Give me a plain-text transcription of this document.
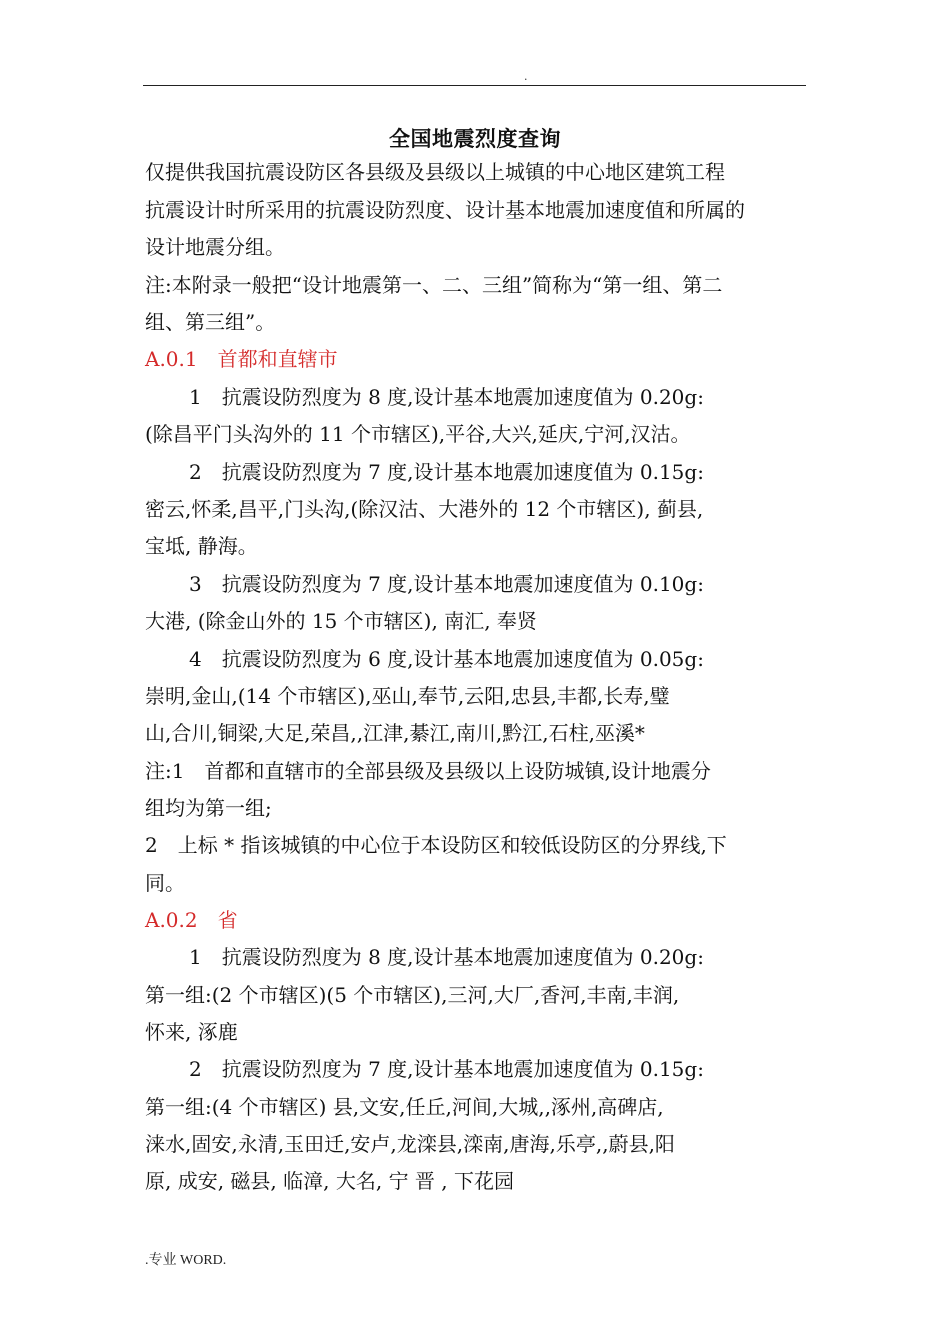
.
全国地震烈度查询
仅提供我国抗震设防区各县级及县级以上城镇的中心地区建筑工程
抗震设计时所采用的抗震设防烈度、设计基本地震加速度值和所属的
设计地震分组。
注:本附录一般把“设计地震第一、二、三组”简称为“第一组、第二
组、第三组”。
A.0.1　首都和直辖市
1　抗震设防烈度为 8 度,设计基本地震加速度值为 0.20g:
(除昌平门头沟外的 11 个市辖区),平谷,大兴,延庆,宁河,汉沽。
2　抗震设防烈度为 7 度,设计基本地震加速度值为 0.15g:
密云,怀柔,昌平,门头沟,(除汉沽、大港外的 12 个市辖区), 蓟县,
宝坻, 静海。
3　抗震设防烈度为 7 度,设计基本地震加速度值为 0.10g:
大港, (除金山外的 15 个市辖区), 南汇, 奉贤
4　抗震设防烈度为 6 度,设计基本地震加速度值为 0.05g:
崇明,金山,(14 个市辖区),巫山,奉节,云阳,忠县,丰都,长寿,璧
山,合川,铜梁,大足,荣昌,,江津,綦江,南川,黔江,石柱,巫溪*
注:1　首都和直辖市的全部县级及县级以上设防城镇,设计地震分
组均为第一组;
2　上标 * 指该城镇的中心位于本设防区和较低设防区的分界线,下
同。
A.0.2　省
1　抗震设防烈度为 8 度,设计基本地震加速度值为 0.20g:
第一组:(2 个市辖区)(5 个市辖区),三河,大厂,香河,丰南,丰润,
怀来, 涿鹿
2　抗震设防烈度为 7 度,设计基本地震加速度值为 0.15g:
第一组:(4 个市辖区) 县,文安,任丘,河间,大城,,涿州,高碑店,
涞水,固安,永清,玉田迁,安卢,龙滦县,滦南,唐海,乐亭,,蔚县,阳
原, 成安, 磁县, 临漳, 大名, 宁 晋 , 下花园
.专业 WORD.
